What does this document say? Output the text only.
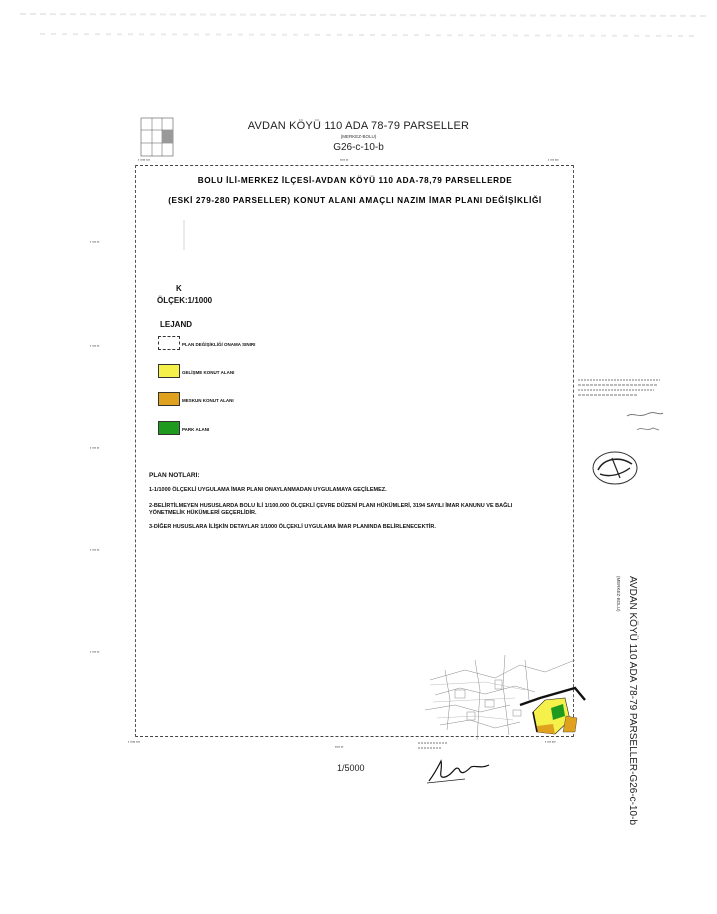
AVDAN KÖYÜ 110 ADA 78-79 PARSELLER
(MERKEZ-BOLU)
G26-c-10-b
▪ ▪▪▪▪ ▪▪▪	▪▪▪▪ ▪▪	▪ ▪▪▪ ▪▪▪
▪ ▪▪▪ ▪▪
▪ ▪▪▪ ▪▪
▪ ▪▪▪ ▪▪
▪ ▪▪▪ ▪▪
▪ ▪▪▪ ▪▪
▪ ▪▪▪▪ ▪▪▪
▪▪▪▪ ▪▪
▪ ▪▪▪ ▪▪▪
BOLU İLİ-MERKEZ İLÇESİ-AVDAN KÖYÜ 110 ADA-78,79 PARSELLERDE
(ESKİ 279-280 PARSELLER) KONUT ALANI AMAÇLI NAZIM İMAR PLANI DEĞİŞİKLİĞİ
K
ÖLÇEK:1/1000
LEJAND
PLAN DEĞİŞİKLİĞİ ONAMA SINIRI
GELİŞME KONUT ALANI
MESKUN KONUT ALANI
PARK ALANI
PLAN NOTLARI:
1-1/1000 ÖLÇEKLİ UYGULAMA İMAR PLANI ONAYLANMADAN UYGULAMAYA GEÇİLEMEZ.
2-BELİRTİLMEYEN HUSUSLARDA BOLU İLİ 1/100.000 ÖLÇEKLİ ÇEVRE DÜZENİ PLANI HÜKÜMLERİ, 3194 SAYILI İMAR KANUNU VE BAĞLI YÖNETMELİK HÜKÜMLERİ GEÇERLİDİR.
3-DİĞER HUSUSLARA İLİŞKİN DETAYLAR 1/1000 ÖLÇEKLİ UYGULAMA İMAR PLANINDA BELİRLENECEKTİR.
AVDAN KÖYÜ 110 ADA 78-79 PARSELLER-G26-c-10-b
(MERKEZ-BOLU)
1/5000
